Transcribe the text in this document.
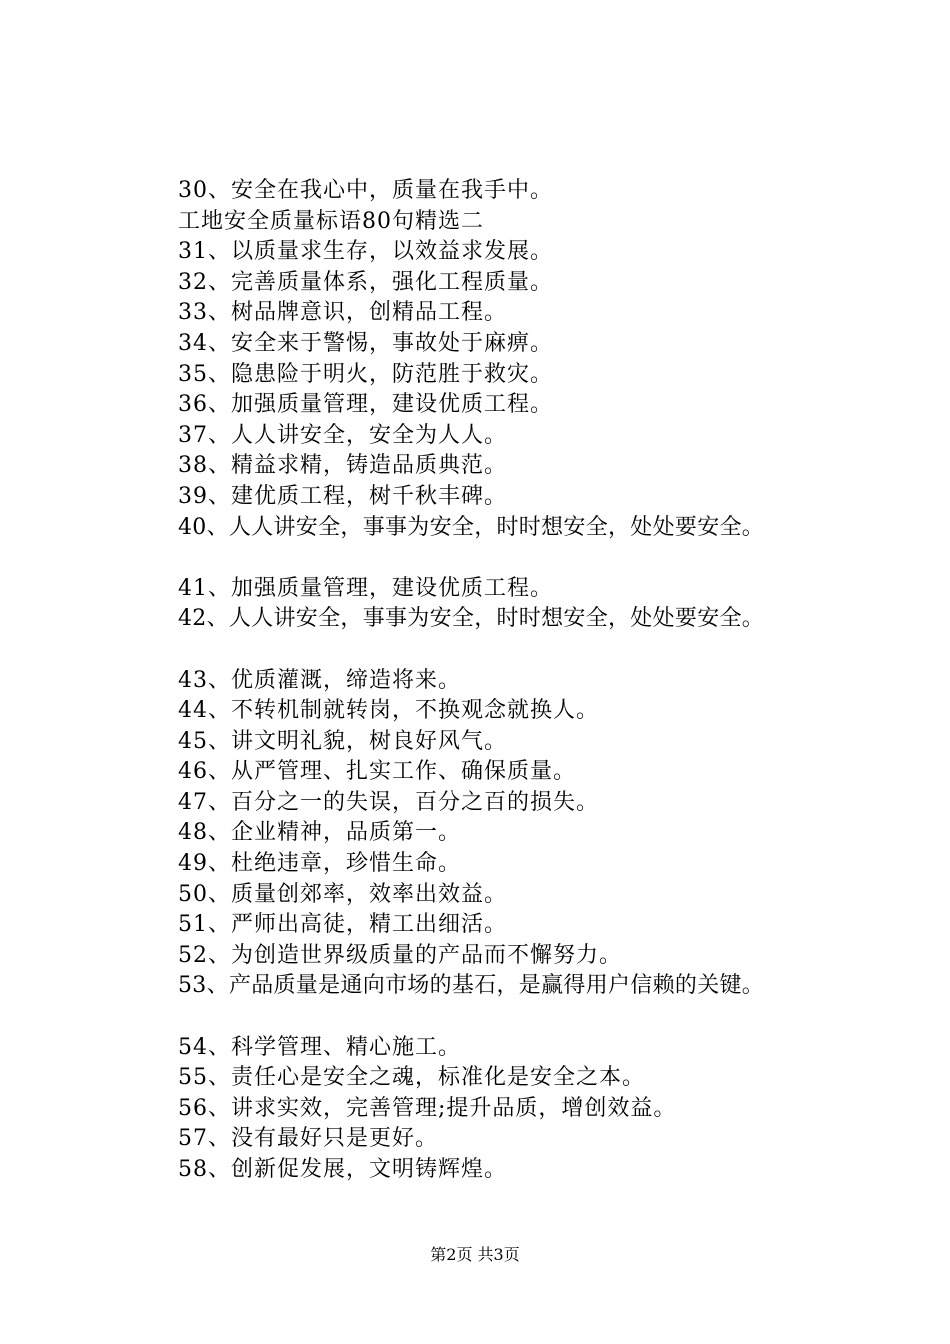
30、安全在我心中，质量在我手中。
工地安全质量标语80句精选二
31、以质量求生存，以效益求发展。
32、完善质量体系，强化工程质量。
33、树品牌意识，创精品工程。
34、安全来于警惕，事故处于麻痹。
35、隐患险于明火，防范胜于救灾。
36、加强质量管理，建设优质工程。
37、人人讲安全，安全为人人。
38、精益求精，铸造品质典范。
39、建优质工程，树千秋丰碑。
40、人人讲安全，事事为安全，时时想安全，处处要安全。
41、加强质量管理，建设优质工程。
42、人人讲安全，事事为安全，时时想安全，处处要安全。
43、优质灌溉，缔造将来。
44、不转机制就转岗，不换观念就换人。
45、讲文明礼貌，树良好风气。
46、从严管理、扎实工作、确保质量。
47、百分之一的失误，百分之百的损失。
48、企业精神，品质第一。
49、杜绝违章，珍惜生命。
50、质量创郊率，效率出效益。
51、严师出高徒，精工出细活。
52、为创造世界级质量的产品而不懈努力。
53、产品质量是通向市场的基石，是赢得用户信赖的关键。
54、科学管理、精心施工。
55、责任心是安全之魂，标准化是安全之本。
56、讲求实效，完善管理;提升品质，增创效益。
57、没有最好只是更好。
58、创新促发展，文明铸辉煌。
第2页 共3页
